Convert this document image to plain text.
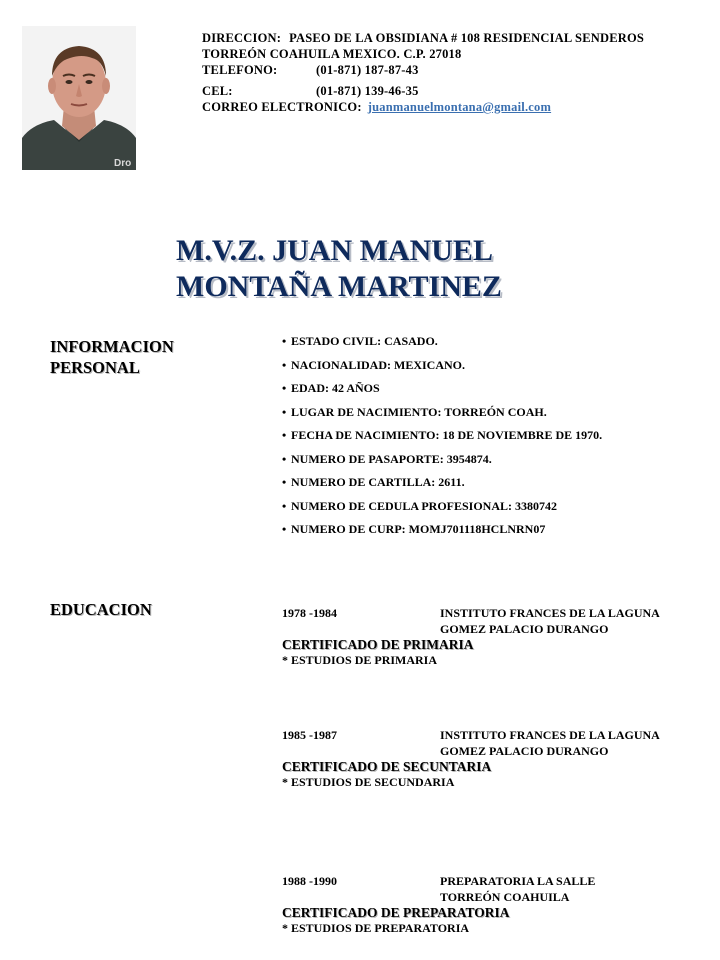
Dro
DIRECCION: PASEO DE LA OBSIDIANA # 108 RESIDENCIAL SENDEROS
TORREÓN COAHUILA MEXICO. C.P. 27018
TELEFONO:	(01-871) 187-87-43
CEL:	(01-871) 139-46-35
CORREO ELECTRONICO: juanmanuelmontana@gmail.com
M.V.Z. JUAN MANUEL
MONTAÑA MARTINEZ
INFORMACION
PERSONAL
• ESTADO CIVIL: CASADO.
• NACIONALIDAD: MEXICANO.
• EDAD: 42 AÑOS
• LUGAR DE NACIMIENTO: TORREÓN COAH.
• FECHA DE NACIMIENTO: 18 DE NOVIEMBRE DE 1970.
• NUMERO DE PASAPORTE: 3954874.
• NUMERO DE CARTILLA: 2611.
• NUMERO DE CEDULA PROFESIONAL: 3380742
• NUMERO DE CURP: MOMJ701118HCLNRN07
EDUCACION	1978 -1984	INSTITUTO FRANCES DE LA LAGUNA
GOMEZ PALACIO DURANGO
CERTIFICADO DE PRIMARIA
* ESTUDIOS DE PRIMARIA
1985 -1987	INSTITUTO FRANCES DE LA LAGUNA
GOMEZ PALACIO DURANGO
CERTIFICADO DE SECUNTARIA
* ESTUDIOS DE SECUNDARIA
1988 -1990	PREPARATORIA LA SALLE
TORREÓN COAHUILA
CERTIFICADO DE PREPARATORIA
* ESTUDIOS DE PREPARATORIA
